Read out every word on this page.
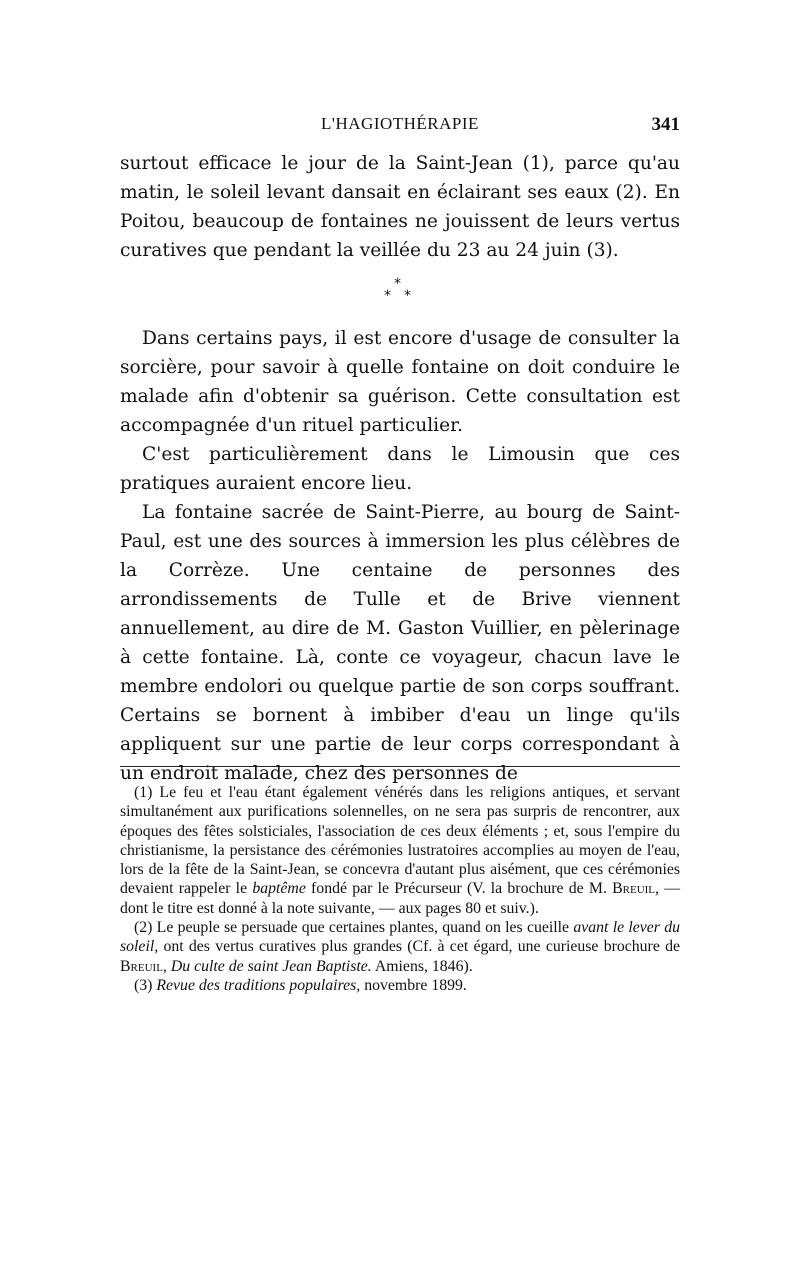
L'HAGIOTHÉRAPIE	341

surtout efficace le jour de la Saint-Jean (1), parce qu'au matin, le soleil levant dansait en éclairant ses eaux (2). En Poitou, beaucoup de fontaines ne jouissent de leurs vertus curatives que pendant la veillée du 23 au 24 juin (3).

*
* *

Dans certains pays, il est encore d'usage de consulter la sorcière, pour savoir à quelle fontaine on doit conduire le malade afin d'obtenir sa guérison. Cette consultation est accompagnée d'un rituel particulier.

C'est particulièrement dans le Limousin que ces pratiques auraient encore lieu.

La fontaine sacrée de Saint-Pierre, au bourg de Saint-Paul, est une des sources à immersion les plus célèbres de la Corrèze. Une centaine de personnes des arrondissements de Tulle et de Brive viennent annuellement, au dire de M. Gaston Vuillier, en pèlerinage à cette fontaine. Là, conte ce voyageur, chacun lave le membre endolori ou quelque partie de son corps souffrant. Certains se bornent à imbiber d'eau un linge qu'ils appliquent sur une partie de leur corps correspondant à un endroit malade, chez des personnes de

(1) Le feu et l'eau étant également vénérés dans les religions antiques, et servant simultanément aux purifications solennelles, on ne sera pas surpris de rencontrer, aux époques des fêtes solsticiales, l'association de ces deux éléments ; et, sous l'empire du christianisme, la persistance des cérémonies lustratoires accomplies au moyen de l'eau, lors de la fête de la Saint-Jean, se concevra d'autant plus aisément, que ces cérémonies devaient rappeler le baptême fondé par le Précurseur (V. la brochure de M. Breuil, — dont le titre est donné à la note suivante, — aux pages 80 et suiv.).

(2) Le peuple se persuade que certaines plantes, quand on les cueille avant le lever du soleil, ont des vertus curatives plus grandes (Cf. à cet égard, une curieuse brochure de Breuil, Du culte de saint Jean Baptiste. Amiens, 1846).

(3) Revue des traditions populaires, novembre 1899.
